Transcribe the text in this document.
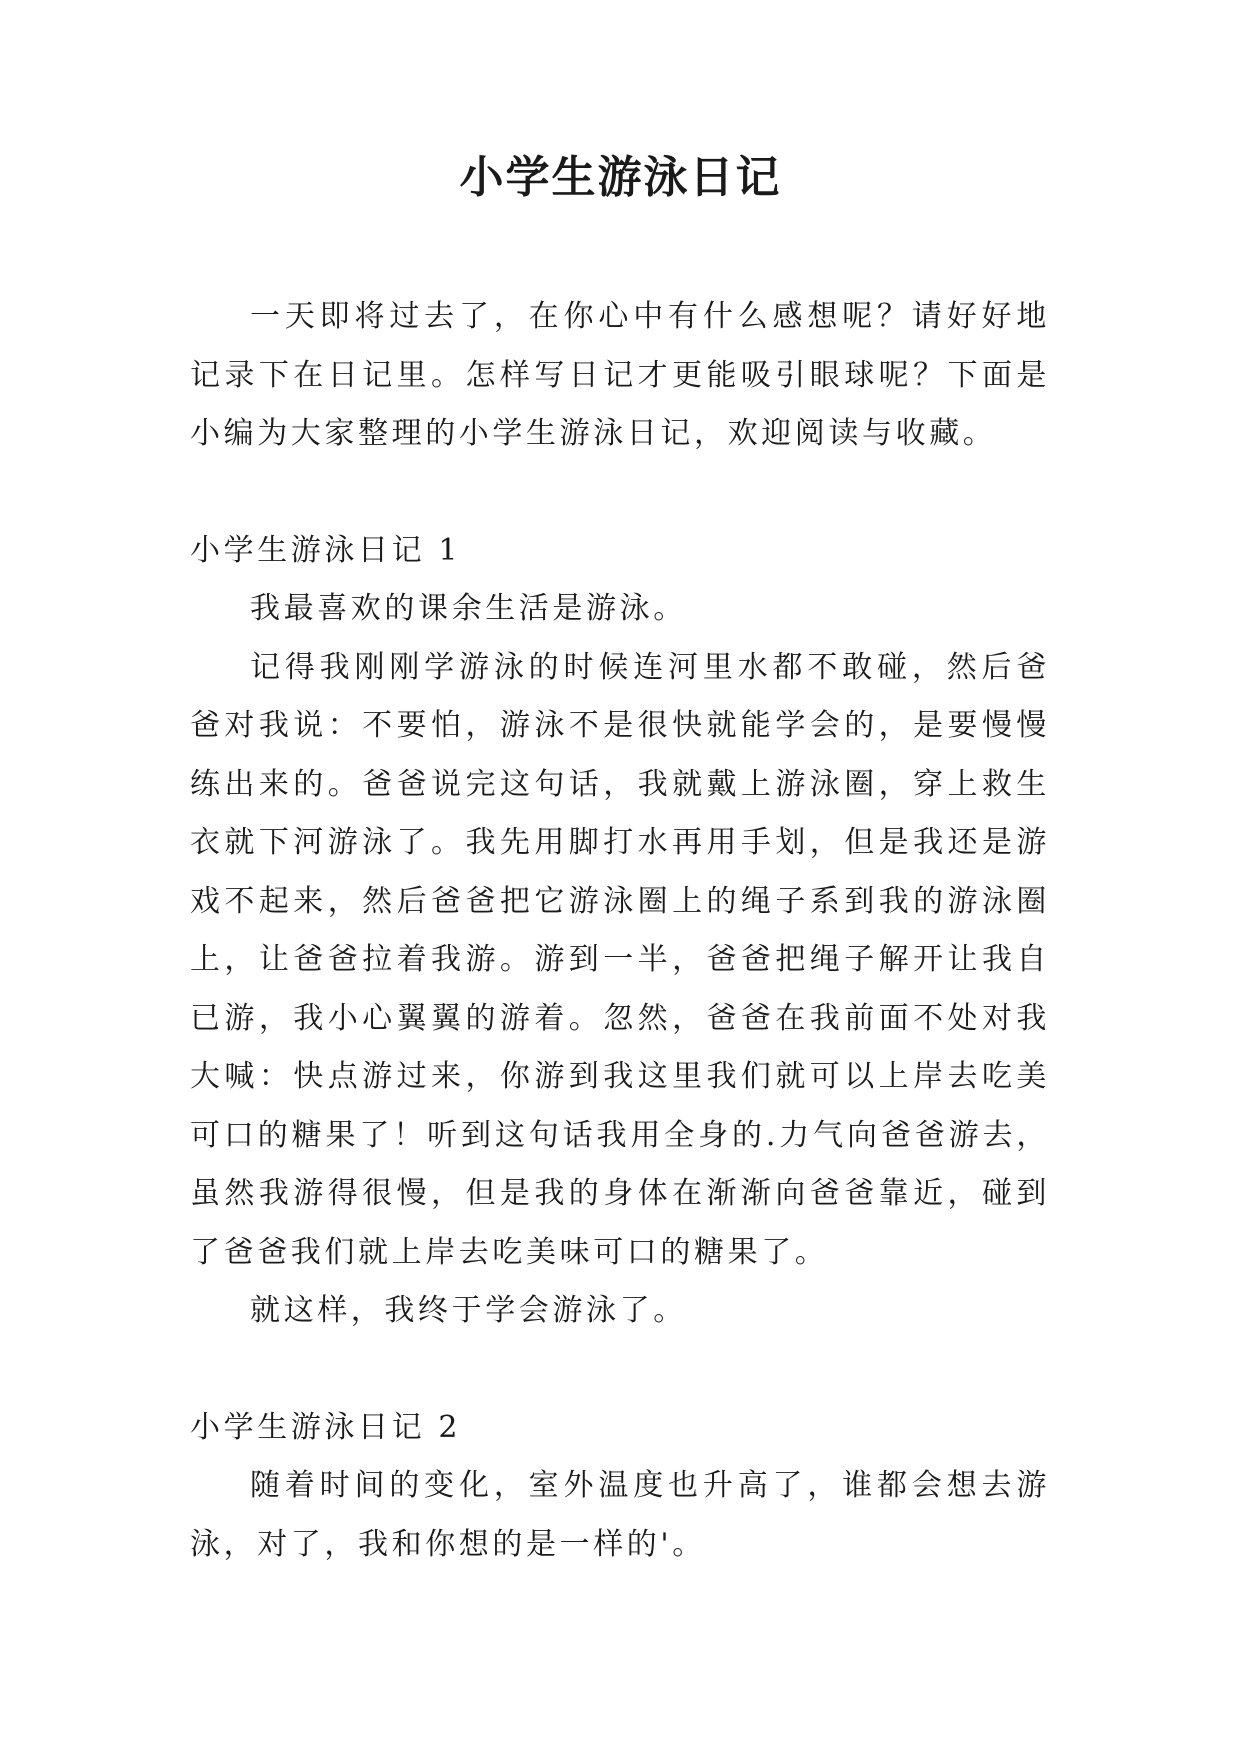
小学生游泳日记

一天即将过去了，在你心中有什么感想呢？请好好地记录下在日记里。怎样写日记才更能吸引眼球呢？下面是小编为大家整理的小学生游泳日记，欢迎阅读与收藏。

小学生游泳日记 1

我最喜欢的课余生活是游泳。

记得我刚刚学游泳的时候连河里水都不敢碰，然后爸爸对我说：不要怕，游泳不是很快就能学会的，是要慢慢练出来的。爸爸说完这句话，我就戴上游泳圈，穿上救生衣就下河游泳了。我先用脚打水再用手划，但是我还是游戏不起来，然后爸爸把它游泳圈上的绳子系到我的游泳圈上，让爸爸拉着我游。游到一半，爸爸把绳子解开让我自已游，我小心翼翼的游着。忽然，爸爸在我前面不处对我大喊：快点游过来，你游到我这里我们就可以上岸去吃美可口的糖果了！听到这句话我用全身的.力气向爸爸游去，虽然我游得很慢，但是我的身体在渐渐向爸爸靠近，碰到了爸爸我们就上岸去吃美味可口的糖果了。

就这样，我终于学会游泳了。

小学生游泳日记 2

随着时间的变化，室外温度也升高了，谁都会想去游泳，对了，我和你想的是一样的'。
